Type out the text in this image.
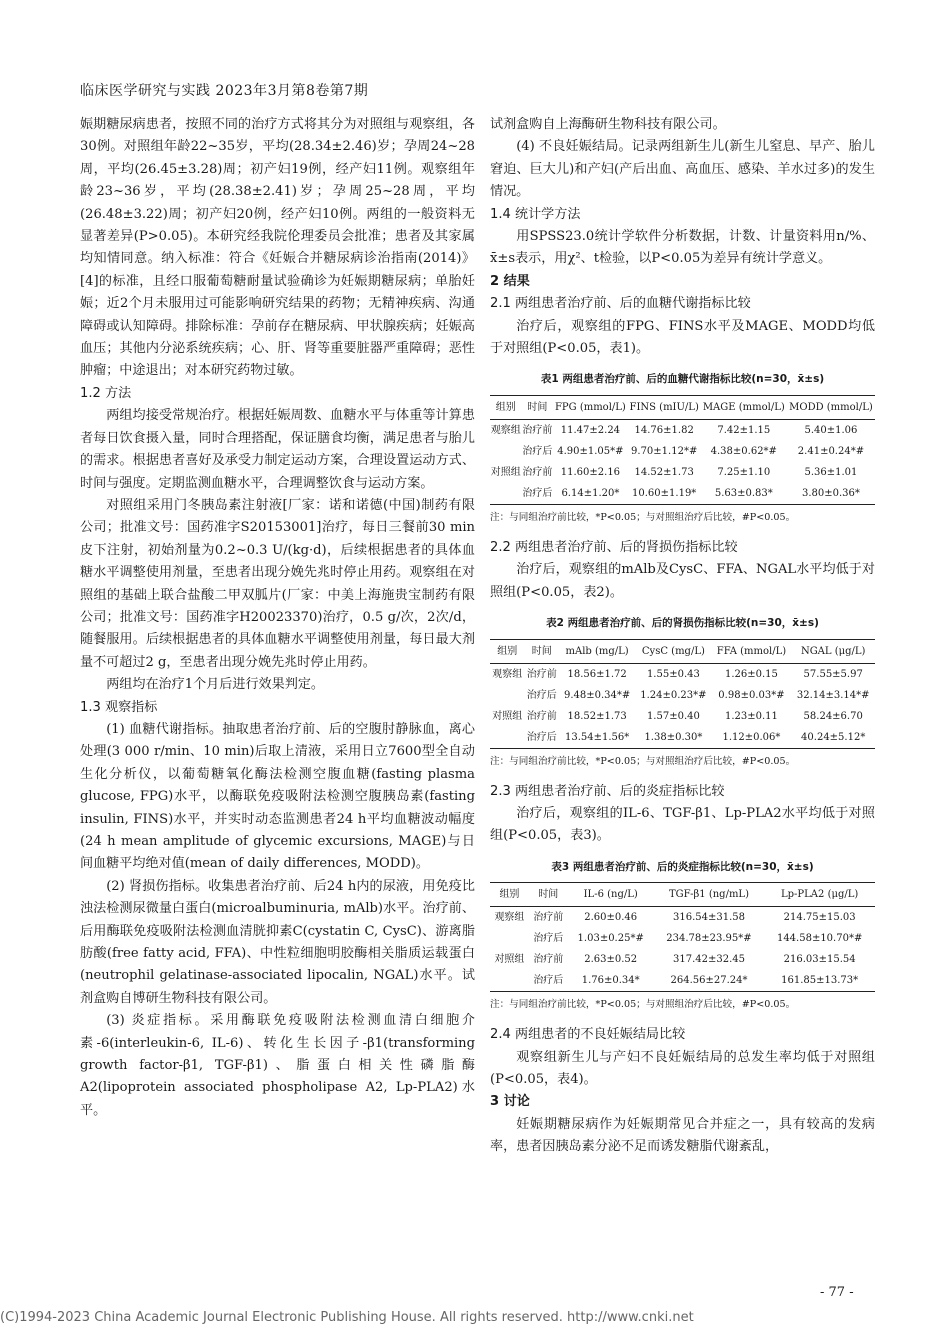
临床医学研究与实践 2023年3月第8卷第7期

娠期糖尿病患者，按照不同的治疗方式将其分为对照组与观察组，各30例。对照组年龄22~35岁，平均(28.34±2.46)岁；孕周24~28周，平均(26.45±3.28)周；初产妇19例，经产妇11例。观察组年龄23~36岁，平均(28.38±2.41)岁；孕周25~28周，平均(26.48±3.22)周；初产妇20例，经产妇10例。两组的一般资料无显著差异(P>0.05)。本研究经我院伦理委员会批准；患者及其家属均知情同意。纳入标准：符合《妊娠合并糖尿病诊治指南(2014)》[4]的标准，且经口服葡萄糖耐量试验确诊为妊娠期糖尿病；单胎妊娠；近2个月未服用过可能影响研究结果的药物；无精神疾病、沟通障碍或认知障碍。排除标准：孕前存在糖尿病、甲状腺疾病；妊娠高血压；其他内分泌系统疾病；心、肝、肾等重要脏器严重障碍；恶性肿瘤；中途退出；对本研究药物过敏。

1.2 方法

两组均接受常规治疗。根据妊娠周数、血糖水平与体重等计算患者每日饮食摄入量，同时合理搭配，保证膳食均衡，满足患者与胎儿的需求。根据患者喜好及承受力制定运动方案，合理设置运动方式、时间与强度。定期监测血糖水平，合理调整饮食与运动方案。

对照组采用门冬胰岛素注射液[厂家：诺和诺德(中国)制药有限公司；批准文号：国药准字S20153001]治疗，每日三餐前30 min皮下注射，初始剂量为0.2~0.3 U/(kg·d)，后续根据患者的具体血糖水平调整使用剂量，至患者出现分娩先兆时停止用药。观察组在对照组的基础上联合盐酸二甲双胍片(厂家：中美上海施贵宝制药有限公司；批准文号：国药准字H20023370)治疗，0.5 g/次，2次/d，随餐服用。后续根据患者的具体血糖水平调整使用剂量，每日最大剂量不可超过2 g，至患者出现分娩先兆时停止用药。

两组均在治疗1个月后进行效果判定。

1.3 观察指标

(1) 血糖代谢指标。抽取患者治疗前、后的空腹肘静脉血，离心处理(3 000 r/min、10 min)后取上清液，采用日立7600型全自动生化分析仪，以葡萄糖氧化酶法检测空腹血糖(fasting plasma glucose, FPG)水平，以酶联免疫吸附法检测空腹胰岛素(fasting insulin, FINS)水平，并实时动态监测患者24 h平均血糖波动幅度(24 h mean amplitude of glycemic excursions, MAGE)与日间血糖平均绝对值(mean of daily differences, MODD)。

(2) 肾损伤指标。收集患者治疗前、后24 h内的尿液，用免疫比浊法检测尿微量白蛋白(microalbuminuria, mAlb)水平。治疗前、后用酶联免疫吸附法检测血清胱抑素C(cystatin C, CysC)、游离脂肪酸(free fatty acid, FFA)、中性粒细胞明胶酶相关脂质运载蛋白(neutrophil gelatinase-associated lipocalin, NGAL)水平。试剂盒购自博研生物科技有限公司。

(3) 炎症指标。采用酶联免疫吸附法检测血清白细胞介素-6(interleukin-6, IL-6)、转化生长因子-β1(transforming growth factor-β1, TGF-β1)、脂蛋白相关性磷脂酶A2(lipoprotein associated phospholipase A2, Lp-PLA2)水平。

试剂盒购自上海酶研生物科技有限公司。

(4) 不良妊娠结局。记录两组新生儿(新生儿窒息、早产、胎儿窘迫、巨大儿)和产妇(产后出血、高血压、感染、羊水过多)的发生情况。

1.4 统计学方法

用SPSS23.0统计学软件分析数据，计数、计量资料用n/%、x̄±s表示，用χ²、t检验，以P<0.05为差异有统计学意义。

2 结果

2.1 两组患者治疗前、后的血糖代谢指标比较

治疗后，观察组的FPG、FINS水平及MAGE、MODD均低于对照组(P<0.05，表1)。

表1 两组患者治疗前、后的血糖代谢指标比较(n=30，x̄±s)
组别	时间	FPG (mmol/L)	FINS (mIU/L)	MAGE (mmol/L)	MODD (mmol/L)
观察组	治疗前	11.47±2.24	14.76±1.82	7.42±1.15	5.40±1.06
	治疗后	4.90±1.05*#	9.70±1.12*#	4.38±0.62*#	2.41±0.24*#
对照组	治疗前	11.60±2.16	14.52±1.73	7.25±1.10	5.36±1.01
	治疗后	6.14±1.20*	10.60±1.19*	5.63±0.83*	3.80±0.36*
注：与同组治疗前比较，*P<0.05；与对照组治疗后比较，#P<0.05。

2.2 两组患者治疗前、后的肾损伤指标比较

治疗后，观察组的mAlb及CysC、FFA、NGAL水平均低于对照组(P<0.05，表2)。

表2 两组患者治疗前、后的肾损伤指标比较(n=30，x̄±s)
组别	时间	mAlb (mg/L)	CysC (mg/L)	FFA (mmol/L)	NGAL (μg/L)
观察组	治疗前	18.56±1.72	1.55±0.43	1.26±0.15	57.55±5.97
	治疗后	9.48±0.34*#	1.24±0.23*#	0.98±0.03*#	32.14±3.14*#
对照组	治疗前	18.52±1.73	1.57±0.40	1.23±0.11	58.24±6.70
	治疗后	13.54±1.56*	1.38±0.30*	1.12±0.06*	40.24±5.12*
注：与同组治疗前比较，*P<0.05；与对照组治疗后比较，#P<0.05。

2.3 两组患者治疗前、后的炎症指标比较

治疗后，观察组的IL-6、TGF-β1、Lp-PLA2水平均低于对照组(P<0.05，表3)。

表3 两组患者治疗前、后的炎症指标比较(n=30，x̄±s)
组别	时间	IL-6 (ng/L)	TGF-β1 (ng/mL)	Lp-PLA2 (μg/L)
观察组	治疗前	2.60±0.46	316.54±31.58	214.75±15.03
	治疗后	1.03±0.25*#	234.78±23.95*#	144.58±10.70*#
对照组	治疗前	2.63±0.52	317.42±32.45	216.03±15.54
	治疗后	1.76±0.34*	264.56±27.24*	161.85±13.73*
注：与同组治疗前比较，*P<0.05；与对照组治疗后比较，#P<0.05。

2.4 两组患者的不良妊娠结局比较

观察组新生儿与产妇不良妊娠结局的总发生率均低于对照组(P<0.05，表4)。

3 讨论

妊娠期糖尿病作为妊娠期常见合并症之一，具有较高的发病率，患者因胰岛素分泌不足而诱发糖脂代谢紊乱，

- 77 -
(C)1994-2023 China Academic Journal Electronic Publishing House. All rights reserved. http://www.cnki.net
